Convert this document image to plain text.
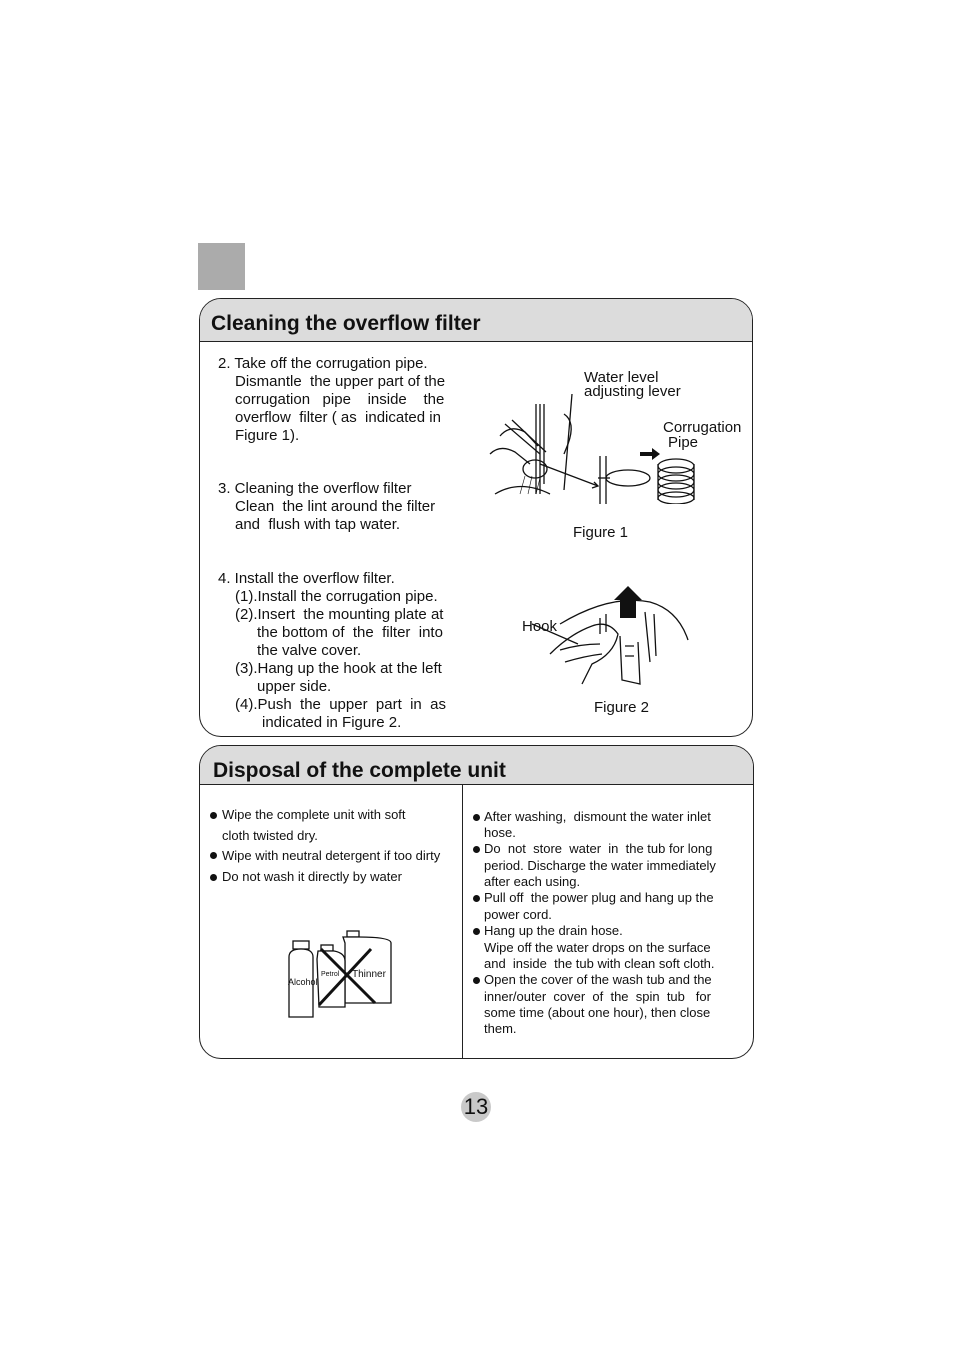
Cleaning the overflow filter
2. Take off the corrugation pipe.
Dismantle  the upper part of the
corrugation   pipe    inside    the
overflow  filter ( as  indicated in
Figure 1).
3. Cleaning the overflow filter
Clean  the lint around the filter
and  flush with tap water.
4. Install the overflow filter.
(1).Install the corrugation pipe.
(2).Insert  the mounting plate at
the bottom of  the  filter  into
the valve cover.
(3).Hang up the hook at the left
upper side.
(4).Push  the  upper  part  in  as
indicated in Figure 2.
Water level
adjusting lever
Corrugation
Pipe
Figure 1
Hook
Figure 2
Disposal of the complete unit
Wipe the complete unit with soft
cloth twisted dry.
Wipe with neutral detergent if too dirty
Do not wash it directly by water
Alcohol
Petrol Thinner
After washing,  dismount the water inlet
hose.
Do  not  store  water  in  the tub for long
period. Discharge the water immediately
after each using.
Pull off  the power plug and hang up the
power cord.
Hang up the drain hose.
Wipe off the water drops on the surface
and  inside  the tub with clean soft cloth.
Open the cover of the wash tub and the
inner/outer  cover  of  the  spin  tub   for
some time (about one hour), then close
them.
13
